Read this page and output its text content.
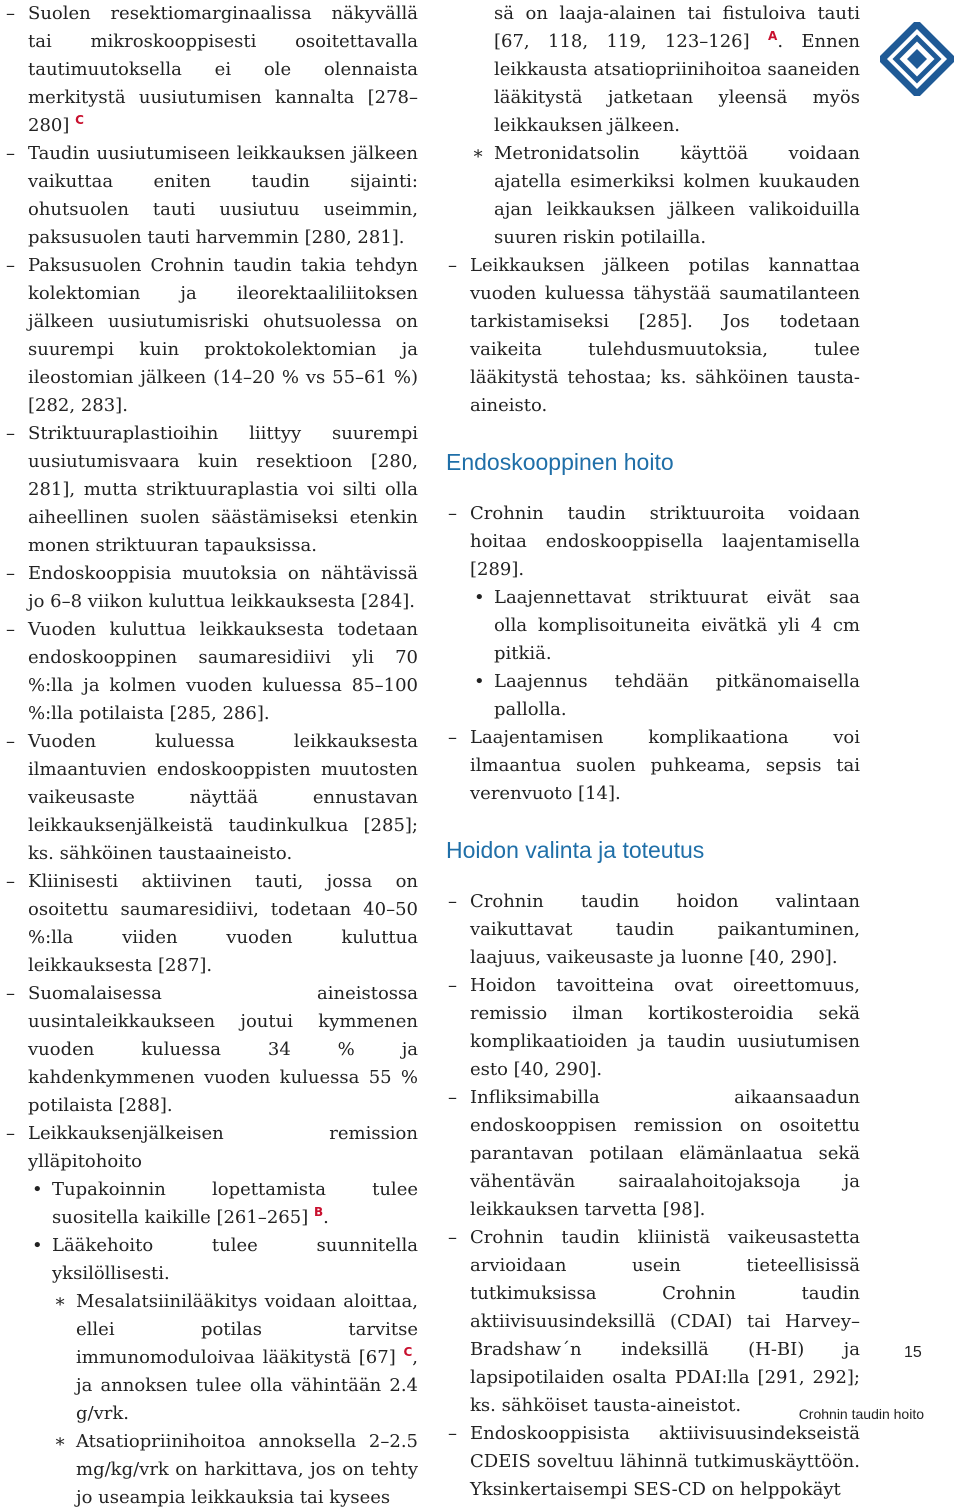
– Suolen resektiomarginaalissa näkyvällä tai mikroskooppisesti osoitettavalla tautimuutoksella ei ole olennaista merkitystä uusiutumisen kannalta [278–280] $^C$
– Taudin uusiutumiseen leikkauksen jälkeen vaikuttaa eniten taudin sijainti: ohutsuolen tauti uusiutuu useimmin, paksusuolen tauti harvemmin [280, 281].
– Paksusuolen Crohnin taudin takia tehdyn kolektomian ja ileorektaaliliitoksen jälkeen uusiutumisriski ohutsuolessa on suurempi kuin proktokolektomian ja ileostomian jälkeen (14–20 % vs 55–61 %) [282, 283].
– Striktuuraplastioihin liittyy suurempi uusiutumisvaara kuin resektioon [280, 281], mutta striktuuraplastia voi silti olla aiheellinen suolen säästämiseksi etenkin monen striktuuran tapauksissa.
– Endoskooppisia muutoksia on nähtävissä jo 6–8 viikon kuluttua leikkauksesta [284].
– Vuoden kuluttua leikkauksesta todetaan endoskooppinen saumaresidiivi yli 70 %:lla ja kolmen vuoden kuluessa 85–100 %:lla potilaista [285, 286].
– Vuoden kuluessa leikkauksesta ilmaantuvien endoskooppisten muutosten vaikeusaste näyttää ennustavan leikkauksenjälkeistä taudinkulkua [285]; ks. sähköinen taustaaineisto.
– Kliinisesti aktiivinen tauti, jossa on osoitettu saumaresidiivi, todetaan 40–50 %:lla viiden vuoden kuluttua leikkauksesta [287].
– Suomalaisessa aineistossa uusintaleikkaukseen joutui kymmenen vuoden kuluessa 34 % ja kahdenkymmenen vuoden kuluessa 55 % potilaista [288].
– Leikkauksenjälkeisen remission ylläpitohoito
• Tupakoinnin lopettamista tulee suositella kaikille [261–265] $^B$.
• Lääkehoito tulee suunnitella yksilöllisesti.
∗ Mesalatsiinilääkitys voidaan aloittaa, ellei potilas tarvitse immunomoduloivaa lääkitystä [67] $^C$, ja annoksen tulee olla vähintään 2.4 g/vrk.
∗ Atsatiopriinihoitoa annoksella 2–2.5 mg/kg/vrk on harkittava, jos on tehty jo useampia leikkauksia tai kysees
sä on laaja-alainen tai fistuloiva tauti [67, 118, 119, 123–126] $^A$. Ennen leikkausta atsatiopriinihoitoa saaneiden lääkitystä jatketaan yleensä myös leikkauksen jälkeen.
∗ Metronidatsolin käyttöä voidaan ajatella esimerkiksi kolmen kuukauden ajan leikkauksen jälkeen valikoiduilla suuren riskin potilailla.
– Leikkauksen jälkeen potilas kannattaa vuoden kuluessa tähystää saumatilanteen tarkistamiseksi [285]. Jos todetaan vaikeita tulehdusmuutoksia, tulee lääkitystä tehostaa; ks. sähköinen tausta-aineisto.
Endoskooppinen hoito
– Crohnin taudin striktuuroita voidaan hoitaa endoskooppisella laajentamisella [289].
• Laajennettavat striktuurat eivät saa olla komplisoituneita eivätkä yli 4 cm pitkiä.
• Laajennus tehdään pitkänomaisella pallolla.
– Laajentamisen komplikaationa voi ilmaantua suolen puhkeama, sepsis tai verenvuoto [14].
Hoidon valinta ja toteutus
– Crohnin taudin hoidon valintaan vaikuttavat taudin paikantuminen, laajuus, vaikeusaste ja luonne [40, 290].
– Hoidon tavoitteina ovat oireettomuus, remissio ilman kortikosteroidia sekä komplikaatioiden ja taudin uusiutumisen esto [40, 290].
– Infliksimabilla aikaansaadun endoskooppisen remission on osoitettu parantavan potilaan elämänlaatua sekä vähentävän sairaalahoitojaksoja ja leikkauksen tarvetta [98].
– Crohnin taudin kliinistä vaikeusastetta arvioidaan usein tieteellisissä tutkimuksissa Crohnin taudin aktiivisuusindeksillä (CDAI) tai Harvey–Bradshaw´n indeksillä (H-BI) ja lapsipotilaiden osalta PDAI:lla [291, 292]; ks. sähköiset tausta-aineistot.
– Endoskooppisista aktiivisuusindekseistä CDEIS soveltuu lähinnä tutkimuskäyttöön. Yksinkertaisempi SES-CD on helppokäyt
15
Crohnin taudin hoito
